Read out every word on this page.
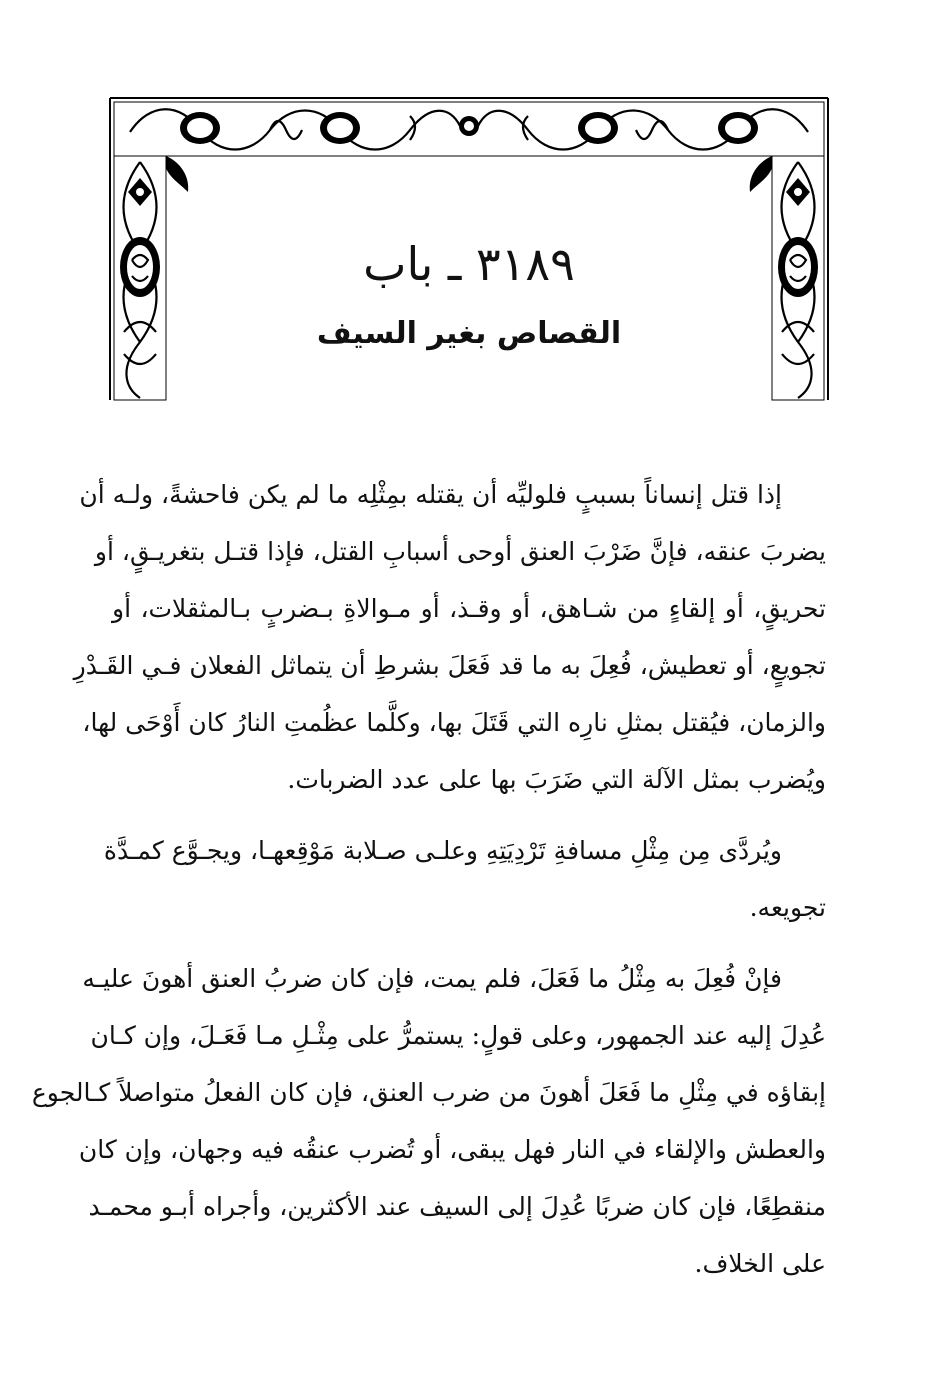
٣١٨٩ ـ باب
القصاص بغير السيف
إذا قتل إنساناً بسببٍ فلوليِّه أن يقتله بمِثْلِه ما لم يكن فاحشةً، ولـه أن
يضربَ عنقه، فإنَّ ضَرْبَ العنق أوحى أسبابِ القتل، فإذا قتـل بتغريـقٍ، أو
تحريقٍ، أو إلقاءٍ من شـاهق، أو وقـذ، أو مـوالاةِ بـضربٍ بـالمثقلات، أو
تجويعٍ، أو تعطيش، فُعِلَ به ما قد فَعَلَ بشرطِ أن يتماثل الفعلان فـي القَـدْرِ
والزمان، فيُقتل بمثلِ نارِه التي قَتَلَ بها، وكلَّما عظُمتِ النارُ كان أَوْحَى لها،
ويُضرب بمثل الآلة التي ضَرَبَ بها على عدد الضربات.
ويُردَّى مِن مِثْلِ مسافةِ تَرْدِيَتِهِ وعلـى صـلابة مَوْقِعهـا، ويجـوَّع كمـدَّة
تجويعه.
فإنْ فُعِلَ به مِثْلُ ما فَعَلَ، فلم يمت، فإن كان ضربُ العنق أهونَ عليـه
عُدِلَ إليه عند الجمهور، وعلى قولٍ: يستمرُّ على مِثْـلِ مـا فَعَـلَ، وإن كـان
إبقاؤه في مِثْلِ ما فَعَلَ أهونَ من ضرب العنق، فإن كان الفعلُ متواصلاً كـالجوع
والعطش والإلقاء في النار فهل يبقى، أو تُضرب عنقُه فيه وجهان، وإن كان
منقطِعًا، فإن كان ضربًا عُدِلَ إلى السيف عند الأكثرين، وأجراه أبـو محمـد
على الخلاف.
